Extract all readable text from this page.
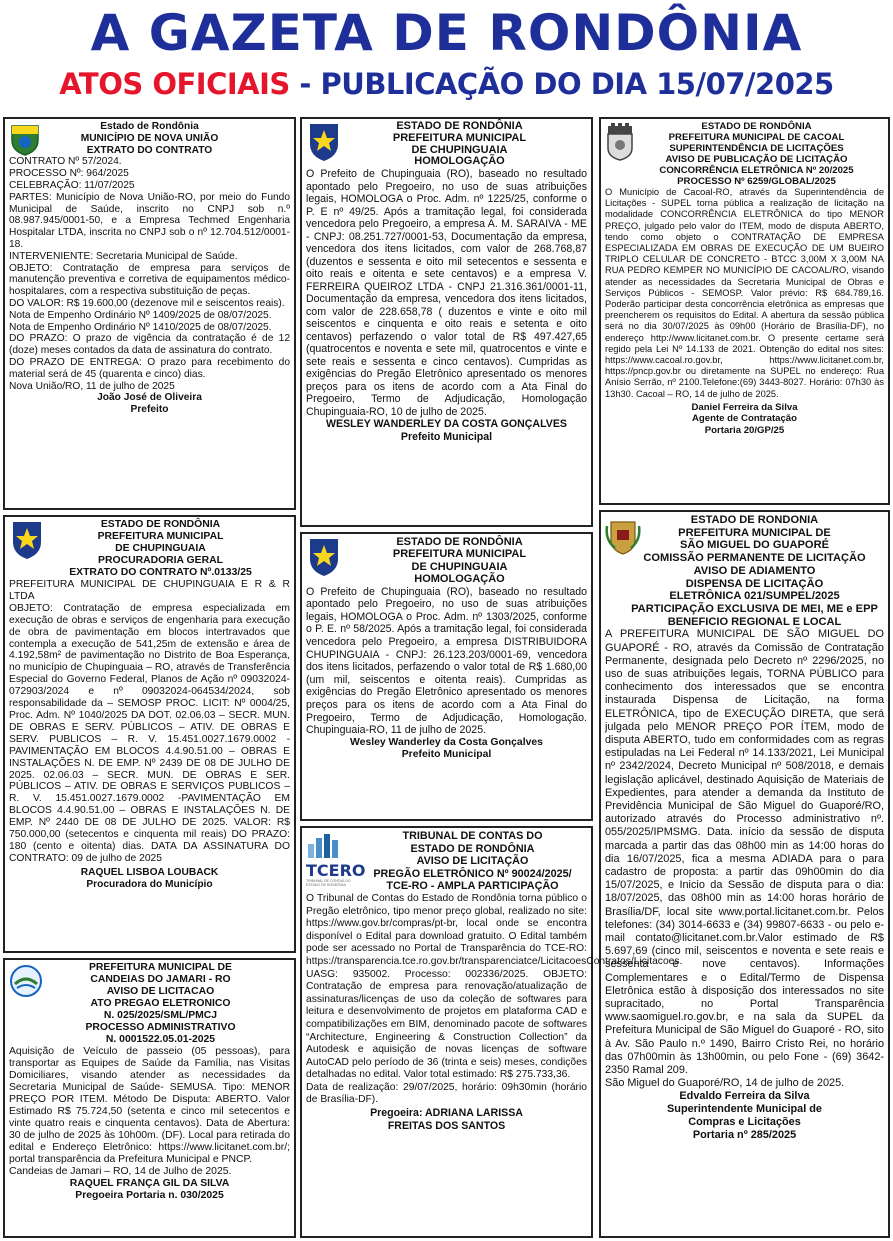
A GAZETA DE RONDÔNIA
ATOS OFICIAIS - PUBLICAÇÃO DO DIA 15/07/2025
Estado de Rondônia
MUNICÍPIO DE NOVA UNIÃO
EXTRATO DO CONTRATO

CONTRATO Nº 57/2024.

PROCESSO Nº: 964/2025

CELEBRAÇÃO: 11/07/2025

PARTES: Município de Nova União-RO, por meio do Fundo Municipal de Saúde, inscrito no CNPJ sob n.º 08.987.945/0001-50, e a Empresa Techmed Engenharia Hospitalar LTDA, inscrita no CNPJ sob o nº 12.704.512/0001-18.

INTERVENIENTE: Secretaria Municipal de Saúde.

OBJETO: Contratação de empresa para serviços de manutenção preventiva e corretiva de equipamentos médico-hospitalares, com a respectiva substituição de peças.

DO VALOR: R$ 19.600,00 (dezenove mil e seiscentos reais).

Nota de Empenho Ordinário Nº 1409/2025 de 08/07/2025.

Nota de Empenho Ordinário Nº 1410/2025 de 08/07/2025.

DO PRAZO: O prazo de vigência da contratação é de 12 (doze) meses contados da data de assinatura do contrato.

DO PRAZO DE ENTREGA: O prazo para recebimento do material será de 45 (quarenta e cinco) dias.

Nova União/RO, 11 de julho de 2025

João José de Oliveira
Prefeito
ESTADO DE RONDÔNIA
PREFEITURA MUNICIPAL
DE CHUPINGUAIA
HOMOLOGAÇÃO

O Prefeito de Chupinguaia (RO), baseado no resultado apontado pelo Pregoeiro, no uso de suas atribuições legais, HOMOLOGA o Proc. Adm. nº 1225/25, conforme o P. E nº 49/25. Após a tramitação legal, foi considerada vencedora pelo Pregoeiro, a empresa A. M. SARAIVA - ME - CNPJ: 08.251.727/0001-53, Documentação da empresa, vencedora dos itens licitados, com valor de 268.768,87 (duzentos e sessenta e oito mil setecentos e sessenta e oito reais e oitenta e sete centavos) e a empresa V. FERREIRA QUEIROZ LTDA - CNPJ 21.316.361/0001-11, Documentação da empresa, vencedora dos itens licitados, com valor de 228.658,78 ( duzentos e vinte e oito mil seiscentos e cinquenta e oito reais e setenta e oito centavos) perfazendo o valor total de R$ 497.427,65 (quatrocentos e noventa e sete mil, quatrocentos e vinte e sete reais e sessenta e cinco centavos). Cumpridas as exigências do Pregão Eletrônico apresentado os menores preços para os itens de acordo com a Ata Final do Pregoeiro, Termo de Adjudicação, Homologação Chupinguaia-RO, 10 de julho de 2025.

WESLEY WANDERLEY DA COSTA GONÇALVES
Prefeito Municipal
ESTADO DE RONDÔNIA
PREFEITURA MUNICIPAL DE CACOAL
SUPERINTENDÊNCIA DE LICITAÇÕES
AVISO DE PUBLICAÇÃO DE LICITAÇÃO
CONCORRÊNCIA ELETRÔNICA Nº 20/2025
PROCESSO Nº 6259/GLOBAL/2025

O Município de Cacoal-RO, através da Superintendência de Licitações - SUPEL torna pública a realização de licitação na modalidade CONCORRÊNCIA ELETRÔNICA do tipo MENOR PREÇO, julgado pelo valor do ITEM, modo de disputa ABERTO, tendo como objeto o CONTRATAÇÃO DE EMPRESA ESPECIALIZADA EM OBRAS DE EXECUÇÃO DE UM BUEIRO TRIPLO CELULAR DE CONCRETO - BTCC 3,00M X 3,00M NA RUA PEDRO KEMPER NO MUNICÍPIO DE CACOAL/RO, visando atender as necessidades da Secretaria Municipal de Obras e Serviços Públicos - SEMOSP. Valor prévio: R$ 684.789,16. Poderão participar desta concorrência eletrônica as empresas que preencherem os requisitos do Edital. A abertura da sessão pública será no dia 30/07/2025 às 09h00 (Horário de Brasília-DF), no endereço http://www.licitanet.com.br. O presente certame será regido pela Lei Nº 14.133 de 2021. Obtenção do edital nos sites: https://www.cacoal.ro.gov.br, https://www.licitanet.com.br, https://pncp.gov.br ou diretamente na SUPEL no endereço: Rua Anísio Serrão, nº 2100.Telefone:(69) 3443-8027. Horário: 07h30 às 13h30. Cacoal – RO, 14 de julho de 2025.

Daniel Ferreira da Silva
Agente de Contratação
Portaria 20/GP/25
ESTADO DE RONDÔNIA
PREFEITURA MUNICIPAL
DE CHUPINGUAIA
PROCURADORIA GERAL
EXTRATO DO CONTRATO Nº.0133/25

PREFEITURA MUNICIPAL DE CHUPINGUAIA E R & R LTDA

OBJETO: Contratação de empresa especializada em execução de obras e serviços de engenharia para execução de obra de pavimentação em blocos intertravados que contempla a execução de 541,25m de extensão e área de 4.192,58m² de pavimentação no Distrito de Boa Esperança, no município de Chupinguaia – RO, através de Transferência Especial do Governo Federal, Planos de Ação nº 09032024-072903/2024 e nº 09032024-064534/2024, sob responsabilidade da – SEMOSP PROC. LICIT: Nº 0004/25, Proc. Adm. Nº 1040/2025 DA DOT. 02.06.03 – SECR. MUN. DE OBRAS E SERV. PÚBLICOS – ATIV. DE OBRAS E SERV. PUBLICOS – R. V. 15.451.0027.1679.0002 -PAVIMENTAÇÃO EM BLOCOS 4.4.90.51.00 – OBRAS E INSTALAÇÕES N. DE EMP. Nº 2439 DE 08 DE JULHO DE 2025. 02.06.03 – SECR. MUN. DE OBRAS E SER. PÚBLICOS – ATIV. DE OBRAS E SERVIÇOS PUBLICOS – R. V. 15.451.0027.1679.0002 -PAVIMENTAÇÃO EM BLOCOS 4.4.90.51.00 – OBRAS E INSTALAÇÕES N. DE EMP. Nº 2440 DE 08 DE JULHO DE 2025. VALOR: R$ 750.000,00 (setecentos e cinquenta mil reais) DO PRAZO: 180 (cento e oitenta) dias. DATA DA ASSINATURA DO CONTRATO: 09 de julho de 2025

RAQUEL LISBOA LOUBACK
Procuradora do Município
ESTADO DE RONDÔNIA
PREFEITURA MUNICIPAL
DE CHUPINGUAIA
HOMOLOGAÇÃO

O Prefeito de Chupinguaia (RO), baseado no resultado apontado pelo Pregoeiro, no uso de suas atribuições legais, HOMOLOGA o Proc. Adm. nº 1303/2025, conforme o P. E. nº 58/2025. Após a tramitação legal, foi considerada vencedora pelo Pregoeiro, a empresa DISTRIBUIDORA CHUPINGUAIA - CNPJ: 26.123.203/0001-69, vencedora dos itens licitados, perfazendo o valor total de R$ 1.680,00 (um mil, seiscentos e oitenta reais). Cumpridas as exigências do Pregão Eletrônico apresentado os menores preços para os itens de acordo com a Ata Final do Pregoeiro, Termo de Adjudicação, Homologação. Chupinguaia-RO, 11 de julho de 2025.

Wesley Wanderley da Costa Gonçalves
Prefeito Municipal
ESTADO DE RONDONIA
PREFEITURA MUNICIPAL DE
SÃO MIGUEL DO GUAPORÉ
COMISSÃO PERMANENTE DE LICITAÇÃO
AVISO DE ADIAMENTO
DISPENSA DE LICITAÇÃO
ELETRÔNICA 021/SUMPEL/2025
PARTICIPAÇÃO EXCLUSIVA DE MEI, ME e EPP
BENEFICIO REGIONAL E LOCAL

A PREFEITURA MUNICIPAL DE SÃO MIGUEL DO GUAPORÉ - RO, através da Comissão de Contratação Permanente, designada pelo Decreto nº 2296/2025, no uso de suas atribuições legais, TORNA PÚBLICO para conhecimento dos interessados que se encontra instaurada Dispensa de Licitação, na forma ELETRÔNICA, tipo de EXECUÇÃO DIRETA, que será julgada pelo MENOR PREÇO POR ÍTEM, modo de disputa ABERTO, tudo em conformidades com as regras estipuladas na Lei Federal nº 14.133/2021, Lei Municipal nº 2342/2024, Decreto Municipal nº 508/2018, e demais legislação aplicável, destinado Aquisição de Materiais de Expedientes, para atender a demanda da Instituto de Previdência Municipal de São Miguel do Guaporé/RO, autorizado através do Processo administrativo nº. 055/2025/IPMSMG. Data. início da sessão de disputa marcada a partir das das 08h00 min as 14:00 horas do dia 16/07/2025, fica a mesma ADIADA para o para cadastro de proposta: a partir das 09h00min do dia 15/07/2025, e Inicio da Sessão de disputa para o dia: 18/07/2025, das 08h00 min as 14:00 horas horário de Brasília/DF, local site www.portal.licitanet.com.br. Pelos telefones: (34) 3014-6633 e (34) 99807-6633 - ou pelo e-mail contato@licitanet.com.br.Valor estimado de R$ 5.697,69 (cinco mil, seiscentos e noventa e sete reais e sessenta e nove centavos). Informações Complementares e o Edital/Termo de Dispensa Eletrônica estão à disposição dos interessados no site supracitado, no Portal Transparência www.saomiguel.ro.gov.br, e na sala da SUPEL da Prefeitura Municipal de São Miguel do Guaporé - RO, sito à Av. São Paulo n.º 1490, Bairro Cristo Rei, no horário das 07h00min às 13h00min, ou pelo Fone - (69) 3642-2350 Ramal 209.

São Miguel do Guaporé/RO, 14 de julho de 2025.

Edvaldo Ferreira da Silva
Superintendente Municipal de
Compras e Licitações
Portaria nº 285/2025
PREFEITURA MUNICIPAL DE
CANDEIAS DO JAMARI - RO
AVISO DE LICITACAO
ATO PREGAO ELETRONICO
N. 025/2025/SML/PMCJ
PROCESSO ADMINISTRATIVO
N. 0001522.05.01-2025

Aquisição de Veículo de passeio (05 pessoas), para transportar as Equipes de Saúde da Família, nas Visitas Domiciliares, visando atender as necessidades da Secretaria Municipal de Saúde- SEMUSA. Tipo: MENOR PREÇO POR ITEM. Método De Disputa: ABERTO. Valor Estimado R$ 75.724,50 (setenta e cinco mil setecentos e vinte quatro reais e cinquenta centavos). Data de Abertura: 30 de julho de 2025 às 10h00m. (DF). Local para retirada do edital e Endereço Eletrônico: https://www.licitanet.com.br/; portal transparência da Prefeitura Municipal e PNCP.

Candeias de Jamari – RO, 14 de Julho de 2025.

RAQUEL FRANÇA GIL DA SILVA
Pregoeira Portaria n. 030/2025
TCERO
TRIBUNAL DE CONTAS DO ESTADO DE RONDÔNIA
TRIBUNAL DE CONTAS DO
ESTADO DE RONDÔNIA
AVISO DE LICITAÇÃO
PREGÃO ELETRÔNICO Nº 90024/2025/
TCE-RO - AMPLA PARTICIPAÇÃO

O Tribunal de Contas do Estado de Rondônia torna público o Pregão eletrônico, tipo menor preço global, realizado no site: https://www.gov.br/compras/pt-br, local onde se encontra disponível o Edital para download gratuito. O Edital também pode ser acessado no Portal de Transparência do TCE-RO: https://transparencia.tce.ro.gov.br/transparenciatce/LicitacoesContratos/Licitacoes.

UASG: 935002. Processo: 002336/2025. OBJETO: Contratação de empresa para renovação/atualização de assinaturas/licenças de uso da coleção de softwares para leitura e desenvolvimento de projetos em plataforma CAD e compatibilizações em BIM, denominado pacote de softwares “Architecture, Engineering & Construction Collection” da Autodesk e aquisição de novas licenças de software AutoCAD pelo período de 36 (trinta e seis) meses, condições detalhadas no edital. Valor total estimado: R$ 275.733,36.

Data de realização: 29/07/2025, horário: 09h30min (horário de Brasília-DF).

Pregoeira: ADRIANA LARISSA
FREITAS DOS SANTOS
